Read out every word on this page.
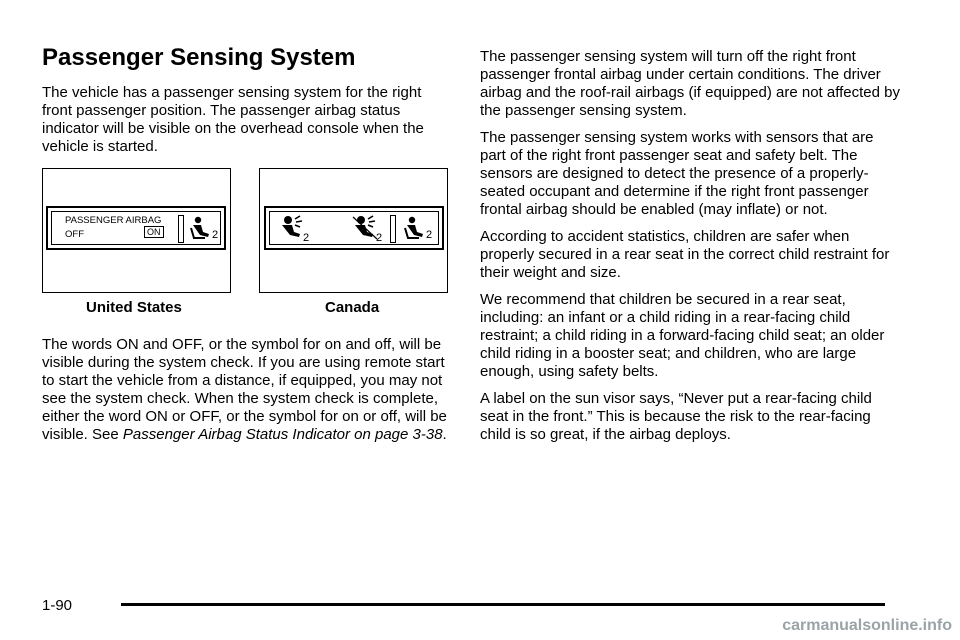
Passenger Sensing System

The vehicle has a passenger sensing system for the right front passenger position. The passenger airbag status indicator will be visible on the overhead console when the vehicle is started.

PASSENGER AIRBAG
OFF	ON	2	2	2	2
United States	Canada

The words ON and OFF, or the symbol for on and off, will be visible during the system check. If you are using remote start to start the vehicle from a distance, if equipped, you may not see the system check. When the system check is complete, either the word ON or OFF, or the symbol for on or off, will be visible. See Passenger Airbag Status Indicator on page 3-38.

The passenger sensing system will turn off the right front passenger frontal airbag under certain conditions. The driver airbag and the roof-rail airbags (if equipped) are not affected by the passenger sensing system.

The passenger sensing system works with sensors that are part of the right front passenger seat and safety belt. The sensors are designed to detect the presence of a properly-seated occupant and determine if the right front passenger frontal airbag should be enabled (may inflate) or not.

According to accident statistics, children are safer when properly secured in a rear seat in the correct child restraint for their weight and size.

We recommend that children be secured in a rear seat, including: an infant or a child riding in a rear-facing child restraint; a child riding in a forward-facing child seat; an older child riding in a booster seat; and children, who are large enough, using safety belts.

A label on the sun visor says, “Never put a rear-facing child seat in the front.” This is because the risk to the rear-facing child is so great, if the airbag deploys.

1-90
carmanualsonline.info
